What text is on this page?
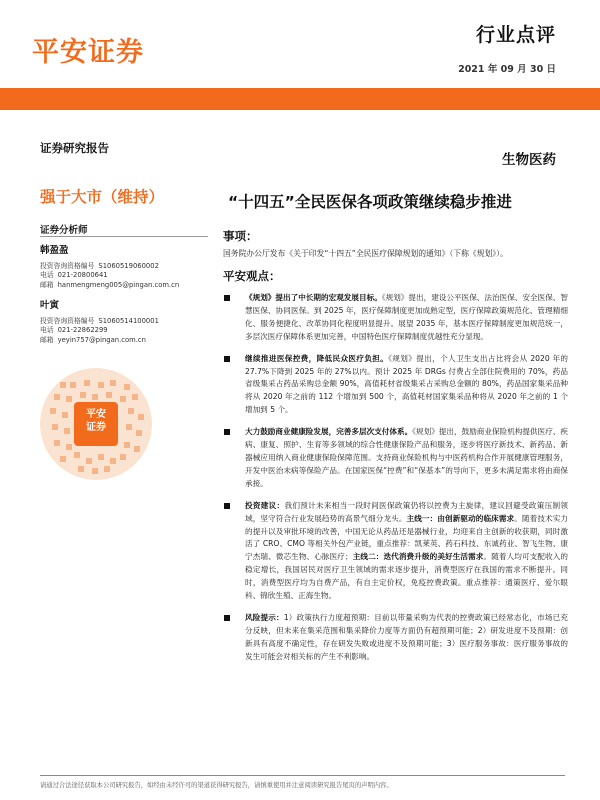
平安证券
行业点评
2021 年 09 月 30 日
证券研究报告
生物医药
强于大市（维持）
证券分析师
韩盈盈
投资咨询资格编号 S1060519060002
电话 021-20800641
邮箱 hanmengmeng005@pingan.com.cn
叶寅
投资咨询资格编号 S1060514100001
电话 021-22862299
邮箱 yeyin757@pingan.com.cn
平安
证券
“十四五”全民医保各项政策继续稳步推进
事项：
国务院办公厅发布《关于印发“十四五”全民医疗保障规划的通知》（下称《规划》）。
平安观点：
《规划》提出了中长期的宏观发展目标。《规划》提出，建设公平医保、法治医保、安全医保、智慧医保、协同医保。到 2025 年，医疗保障制度更加成熟定型，医疗保障政策规范化、管理精细化、服务便捷化、改革协同化程度明显提升。展望 2035 年，基本医疗保障制度更加规范统一，多层次医疗保障体系更加完善，中国特色医疗保障制度优越性充分显现。
继续推进医保控费，降低民众医疗负担。《规划》提出，个人卫生支出占比将会从 2020 年的 27.7%下降到 2025 年的 27%以内。预计 2025 年 DRGs 付费占全部住院费用的 70%，药品省级集采占药品采购总金额 90%，高值耗材省级集采占采购总金额的 80%，药品国家集采品种将从 2020 年之前的 112 个增加到 500 个，高值耗材国家集采品种将从 2020 年之前的 1 个增加到 5 个。
大力鼓励商业健康险发展，完善多层次支付体系。《规划》提出，鼓励商业保险机构提供医疗、疾病、康复、照护、生育等多领域的综合性健康保险产品和服务，逐步将医疗新技术、新药品、新器械应用纳入商业健康保险保障范围。支持商业保险机构与中医药机构合作开展健康管理服务，开发中医治未病等保险产品。在国家医保“控费”和“保基本”的导向下，更多未满足需求将由商保承接。
投资建议：我们预计未来相当一段时间医保政策仍将以控费为主旋律，建议回避受政策压制领域，坚守符合行业发展趋势的高景气细分龙头。主线一：由创新驱动的临床需求。随着技术实力的提升以及审批环境的改善，中国无论从药品还是器械行业，均迎来自主创新的收获期，同时激活了 CRO、CMO 等相关外包产业链，重点推荐：凯莱英、药石科技、东诚药业、智飞生物、康宁杰瑞、微芯生物、心脉医疗；主线二：迭代消费升级的美好生活需求。随着人均可支配收入的稳定增长，我国居民对医疗卫生领域的需求逐步提升，消费型医疗在我国的需求不断提升。同时，消费型医疗均为自费产品，有自主定价权，免疫控费政策。重点推荐：通策医疗、爱尔眼科、锦欣生殖、正海生物。
风险提示：1）政策执行力度超预期：目前以带量采购为代表的控费政策已经常态化，市场已充分反映，但未来在集采范围和集采降价力度等方面仍有超预期可能；2）研发进度不及预期：创新具有高度不确定性，存在研发失败或进度不及预期可能；3）医疗服务事故：医疗服务事故的发生可能会对相关标的产生不利影响。
请通过合法途径获取本公司研究报告，如经由未经许可的渠道获得研究报告，请慎重使用并注意阅读研究报告尾页的声明内容。
